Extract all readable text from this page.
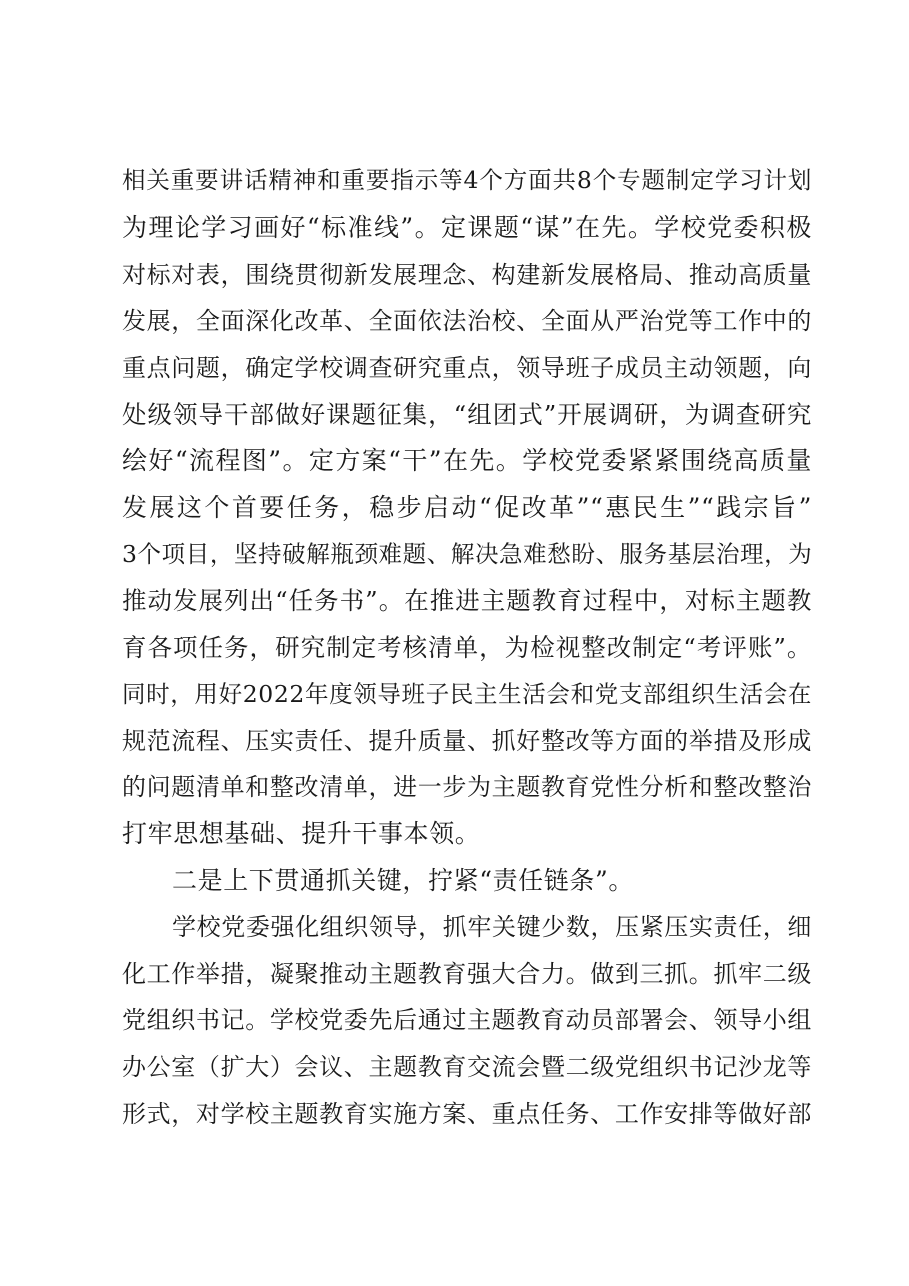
相关重要讲话精神和重要指示等4个方面共8个专题制定学习计划
为理论学习画好“标准线”。定课题“谋”在先。学校党委积极
对标对表，围绕贯彻新发展理念、构建新发展格局、推动高质量
发展，全面深化改革、全面依法治校、全面从严治党等工作中的
重点问题，确定学校调查研究重点，领导班子成员主动领题，向
处级领导干部做好课题征集，“组团式”开展调研，为调查研究
绘好“流程图”。定方案“干”在先。学校党委紧紧围绕高质量
发展这个首要任务，稳步启动“促改革”“惠民生”“践宗旨”
3个项目，坚持破解瓶颈难题、解决急难愁盼、服务基层治理，为
推动发展列出“任务书”。在推进主题教育过程中，对标主题教
育各项任务，研究制定考核清单，为检视整改制定“考评账”。
同时，用好2022年度领导班子民主生活会和党支部组织生活会在
规范流程、压实责任、提升质量、抓好整改等方面的举措及形成
的问题清单和整改清单，进一步为主题教育党性分析和整改整治
打牢思想基础、提升干事本领。
二是上下贯通抓关键，拧紧“责任链条”。
学校党委强化组织领导，抓牢关键少数，压紧压实责任，细
化工作举措，凝聚推动主题教育强大合力。做到三抓。抓牢二级
党组织书记。学校党委先后通过主题教育动员部署会、领导小组
办公室（扩大）会议、主题教育交流会暨二级党组织书记沙龙等
形式，对学校主题教育实施方案、重点任务、工作安排等做好部
